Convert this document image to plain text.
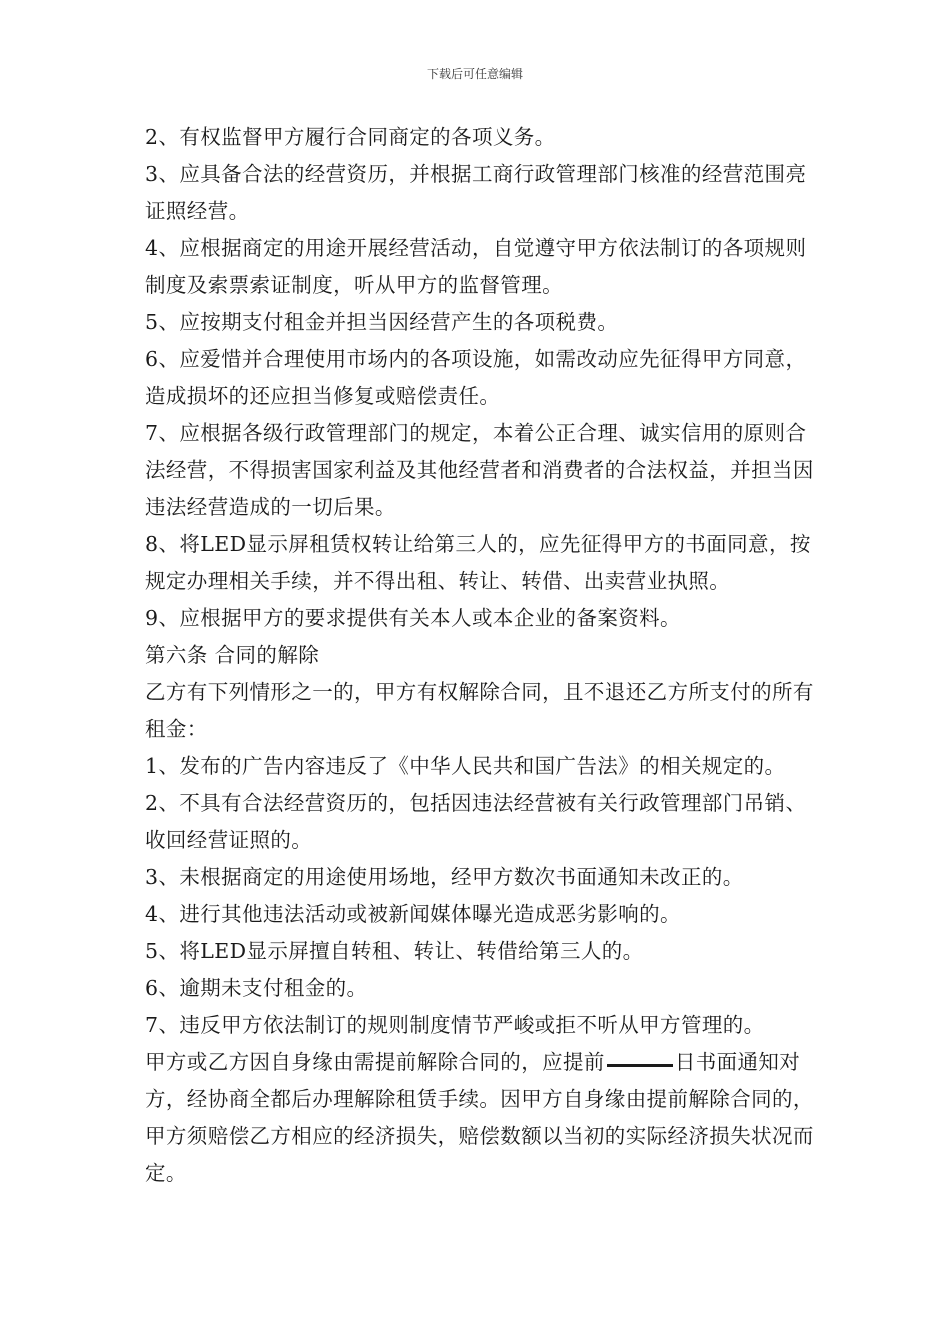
下载后可任意编辑

2、有权监督甲方履行合同商定的各项义务。

3、应具备合法的经营资历，并根据工商行政管理部门核准的经营范围亮证照经营。

4、应根据商定的用途开展经营活动，自觉遵守甲方依法制订的各项规则制度及索票索证制度，听从甲方的监督管理。

5、应按期支付租金并担当因经营产生的各项税费。

6、应爱惜并合理使用市场内的各项设施，如需改动应先征得甲方同意，造成损坏的还应担当修复或赔偿责任。

7、应根据各级行政管理部门的规定，本着公正合理、诚实信用的原则合法经营，不得损害国家利益及其他经营者和消费者的合法权益，并担当因违法经营造成的一切后果。

8、将LED显示屏租赁权转让给第三人的，应先征得甲方的书面同意，按规定办理相关手续，并不得出租、转让、转借、出卖营业执照。

9、应根据甲方的要求提供有关本人或本企业的备案资料。

第六条 合同的解除

乙方有下列情形之一的，甲方有权解除合同，且不退还乙方所支付的所有租金：

1、发布的广告内容违反了《中华人民共和国广告法》的相关规定的。

2、不具有合法经营资历的，包括因违法经营被有关行政管理部门吊销、收回经营证照的。

3、未根据商定的用途使用场地，经甲方数次书面通知未改正的。

4、进行其他违法活动或被新闻媒体曝光造成恶劣影响的。

5、将LED显示屏擅自转租、转让、转借给第三人的。

6、逾期未支付租金的。

7、违反甲方依法制订的规则制度情节严峻或拒不听从甲方管理的。

甲方或乙方因自身缘由需提前解除合同的，应提前	日书面通知对方，经协商全都后办理解除租赁手续。因甲方自身缘由提前解除合同的，甲方须赔偿乙方相应的经济损失，赔偿数额以当初的实际经济损失状况而定。
